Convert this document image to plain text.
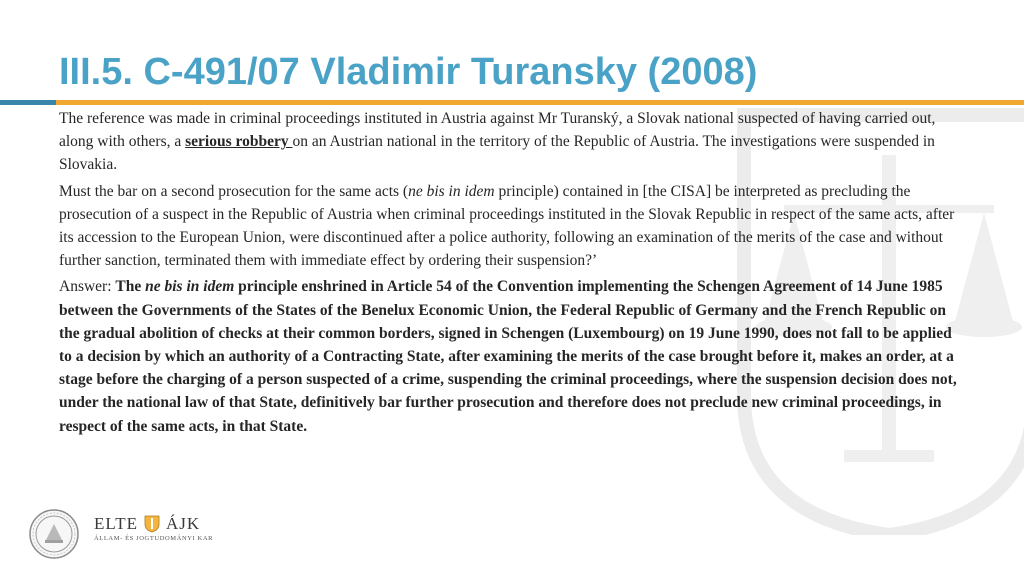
III.5. C-491/07 Vladimir Turansky (2008)

The reference was made in criminal proceedings instituted in Austria against Mr Turanský, a Slovak national suspected of having carried out, along with others, a serious robbery on an Austrian national in the territory of the Republic of Austria. The investigations were suspended in Slovakia.

Must the bar on a second prosecution for the same acts (ne bis in idem principle) contained in [the CISA] be interpreted as precluding the prosecution of a suspect in the Republic of Austria when criminal proceedings instituted in the Slovak Republic in respect of the same acts, after its accession to the European Union, were discontinued after a police authority, following an examination of the merits of the case and without further sanction, terminated them with immediate effect by ordering their suspension?’

Answer: The ne bis in idem principle enshrined in Article 54 of the Convention implementing the Schengen Agreement of 14 June 1985 between the Governments of the States of the Benelux Economic Union, the Federal Republic of Germany and the French Republic on the gradual abolition of checks at their common borders, signed in Schengen (Luxembourg) on 19 June 1990, does not fall to be applied to a decision by which an authority of a Contracting State, after examining the merits of the case brought before it, makes an order, at a stage before the charging of a person suspected of a crime, suspending the criminal proceedings, where the suspension decision does not, under the national law of that State, definitively bar further prosecution and therefore does not preclude new criminal proceedings, in respect of the same acts, in that State.

ELTE ÁJK
ÁLLAM- ÉS JOGTUDOMÁNYI KAR
